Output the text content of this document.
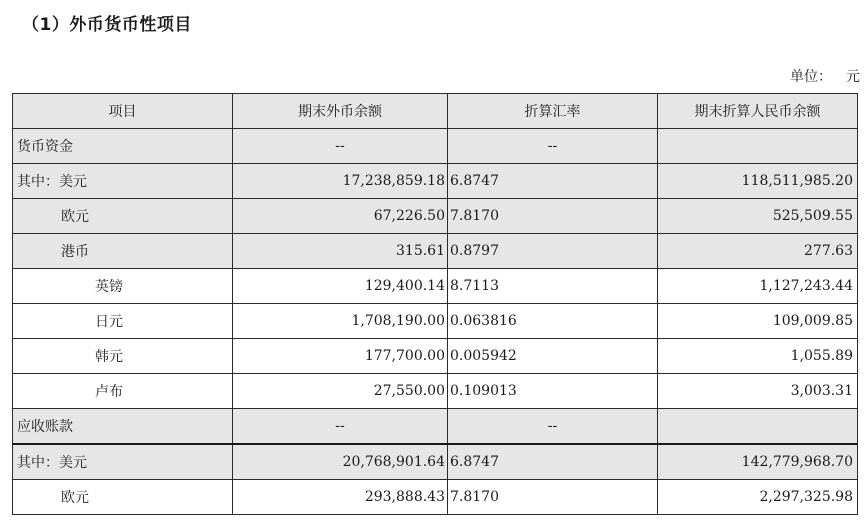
（1）外币货币性项目
单位： 元
项目	期末外币余额	折算汇率	期末折算人民币余额
货币资金	--	--	
其中：美元	17,238,859.18	6.8747	118,511,985.20
欧元	67,226.50	7.8170	525,509.55
港币	315.61	0.8797	277.63
英镑	129,400.14	8.7113	1,127,243.44
日元	1,708,190.00	0.063816	109,009.85
韩元	177,700.00	0.005942	1,055.89
卢布	27,550.00	0.109013	3,003.31
应收账款	--	--	
其中：美元	20,768,901.64	6.8747	142,779,968.70
欧元	293,888.43	7.8170	2,297,325.98
